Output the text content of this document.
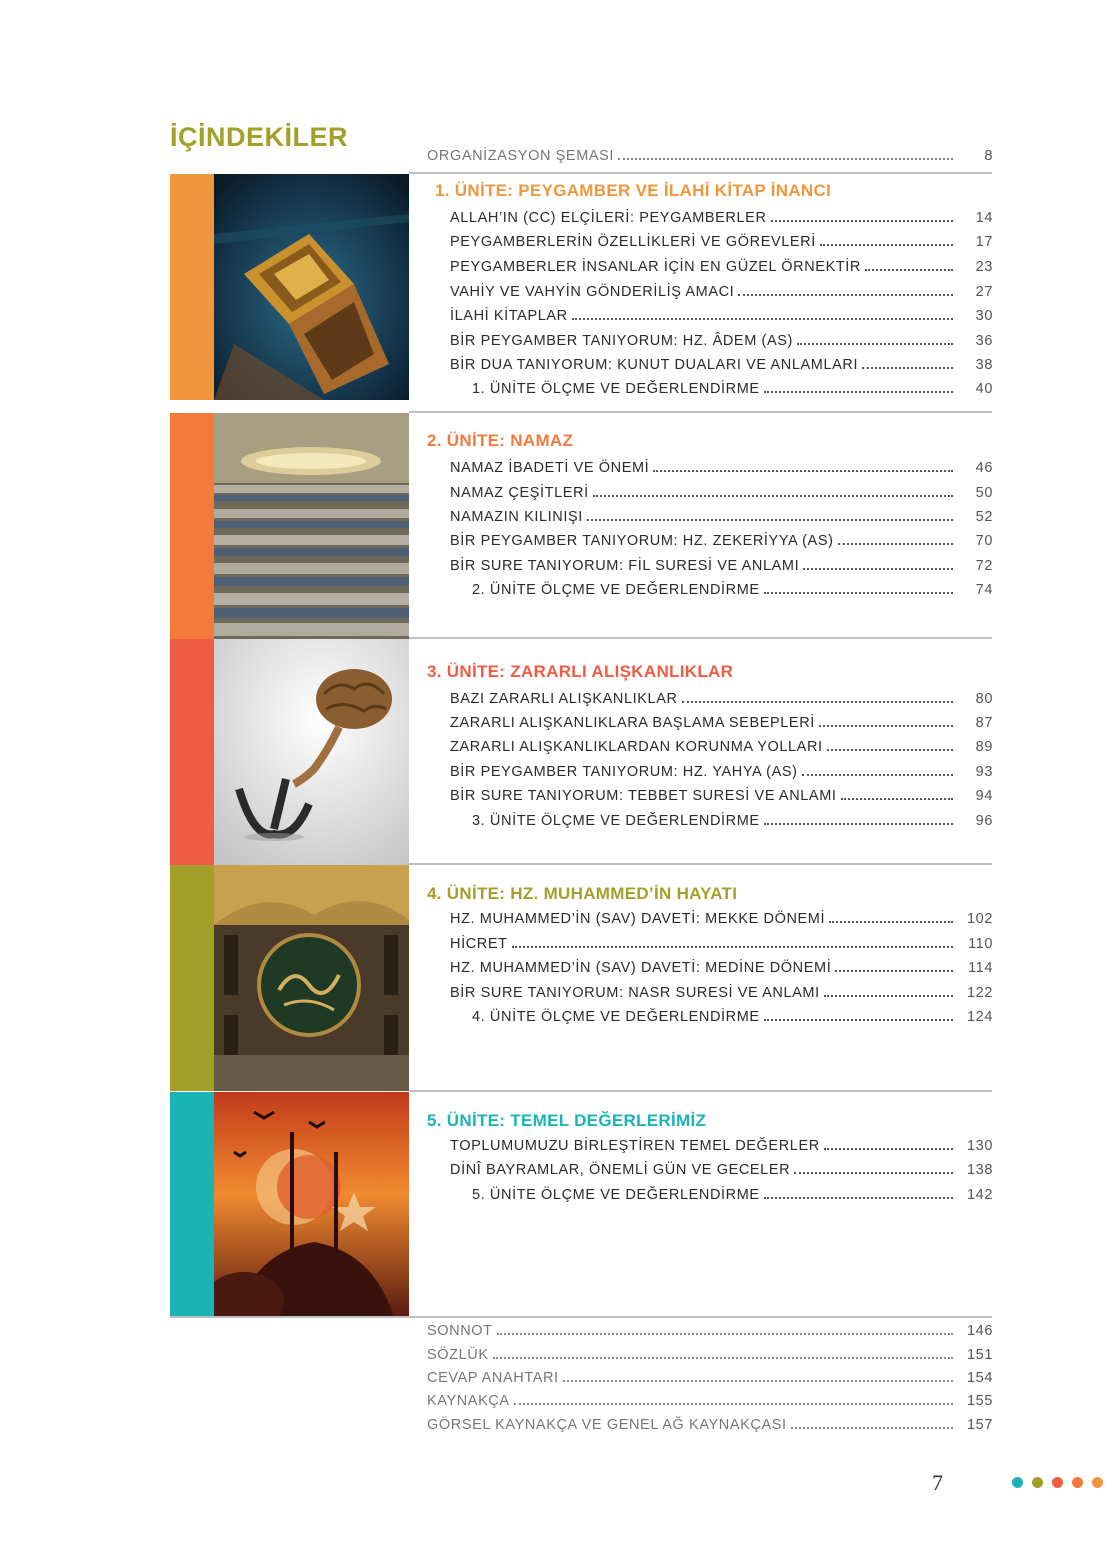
İÇİNDEKİLER
ORGANİZASYON ŞEMASI	8
1. ÜNİTE: PEYGAMBER VE İLAHİ KİTAP İNANCI
ALLAH’IN (CC) ELÇİLERİ: PEYGAMBERLER	14
PEYGAMBERLERİN ÖZELLİKLERİ VE GÖREVLERİ	17
PEYGAMBERLER İNSANLAR İÇİN EN GÜZEL ÖRNEKTİR	23
VAHİY VE VAHYİN GÖNDERİLİŞ AMACI	27
İLAHİ KİTAPLAR	30
BİR PEYGAMBER TANIYORUM: HZ. ÂDEM (AS)	36
BİR DUA TANIYORUM: KUNUT DUALARI VE ANLAMLARI	38
1. ÜNİTE ÖLÇME VE DEĞERLENDİRME	40
2. ÜNİTE: NAMAZ
NAMAZ İBADETİ VE ÖNEMİ	46
NAMAZ ÇEŞİTLERİ	50
NAMAZIN KILINIŞI	52
BİR PEYGAMBER TANIYORUM: HZ. ZEKERİYYA (AS)	70
BİR SURE TANIYORUM: FİL SURESİ VE ANLAMI	72
2. ÜNİTE ÖLÇME VE DEĞERLENDİRME	74
3. ÜNİTE: ZARARLI ALIŞKANLIKLAR
BAZI ZARARLI ALIŞKANLIKLAR	80
ZARARLI ALIŞKANLIKLARA BAŞLAMA SEBEPLERİ	87
ZARARLI ALIŞKANLIKLARDAN KORUNMA YOLLARI	89
BİR PEYGAMBER TANIYORUM: HZ. YAHYA (AS)	93
BİR SURE TANIYORUM: TEBBET SURESİ VE ANLAMI	94
3. ÜNİTE ÖLÇME VE DEĞERLENDİRME	96
4. ÜNİTE: HZ. MUHAMMED’İN HAYATI
HZ. MUHAMMED’İN (SAV) DAVETİ: MEKKE DÖNEMİ	102
HİCRET	110
HZ. MUHAMMED’İN (SAV) DAVETİ: MEDİNE DÖNEMİ	114
BİR SURE TANIYORUM: NASR SURESİ VE ANLAMI	122
4. ÜNİTE ÖLÇME VE DEĞERLENDİRME	124
5. ÜNİTE: TEMEL DEĞERLERİMİZ
TOPLUMUMUZU BİRLEŞTİREN TEMEL DEĞERLER	130
DİNÎ BAYRAMLAR, ÖNEMLİ GÜN VE GECELER	138
5. ÜNİTE ÖLÇME VE DEĞERLENDİRME	142
SONNOT	146
SÖZLÜK	151
CEVAP ANAHTARI	154
KAYNAKÇA	155
GÖRSEL KAYNAKÇA VE GENEL AĞ KAYNAKÇASI	157
7
